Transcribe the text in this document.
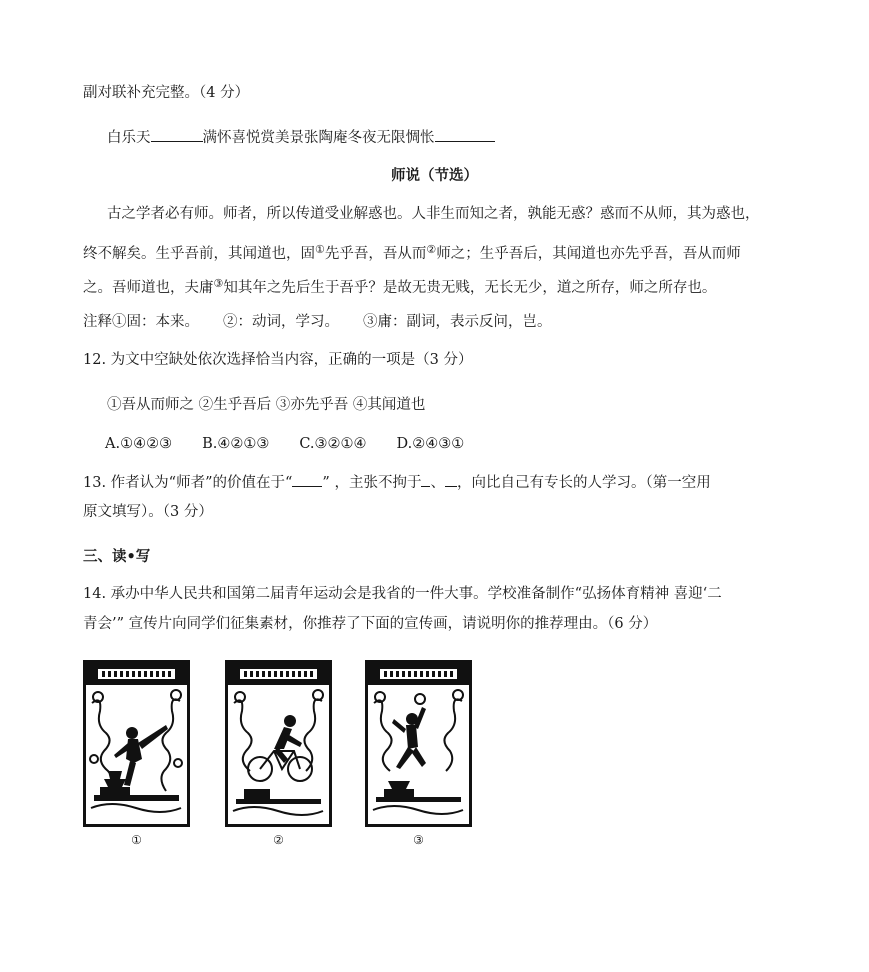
副对联补充完整。（4 分）
白乐天	满怀喜悦赏美景张陶庵冬夜无限惆怅
师说（节选）
古之学者必有师。师者，所以传道受业解惑也。人非生而知之者，孰能无惑？惑而不从师，其为惑也，
终不解矣。生乎吾前，其闻道也，固①先乎吾，吾从而②师之；生乎吾后，其闻道也亦先乎吾，吾从而师
之。吾师道也，夫庸③知其年之先后生于吾乎？是故无贵无贱，无长无少，道之所存，师之所存也。
注释①固：本来。 ②：动词，学习。 ③庸：副词，表示反问，岂。
12. 为文中空缺处依次选择恰当内容，正确的一项是（3 分）
①吾从而师之 ②生乎吾后 ③亦先乎吾 ④其闻道也
A.①④②③ B.④②①③ C.③②①④ D.②④③①
13. 作者认为“师者”的价值在于“ ” ，主张不拘于 、 ，向比自己有专长的人学习。（第一空用
原文填写）。（3 分）
三、读•写
14. 承办中华人民共和国第二届青年运动会是我省的一件大事。学校准备制作“弘扬体育精神 喜迎‘二
青会’” 宣传片向同学们征集素材，你推荐了下面的宣传画，请说明你的推荐理由。（6 分）
①	②	③
